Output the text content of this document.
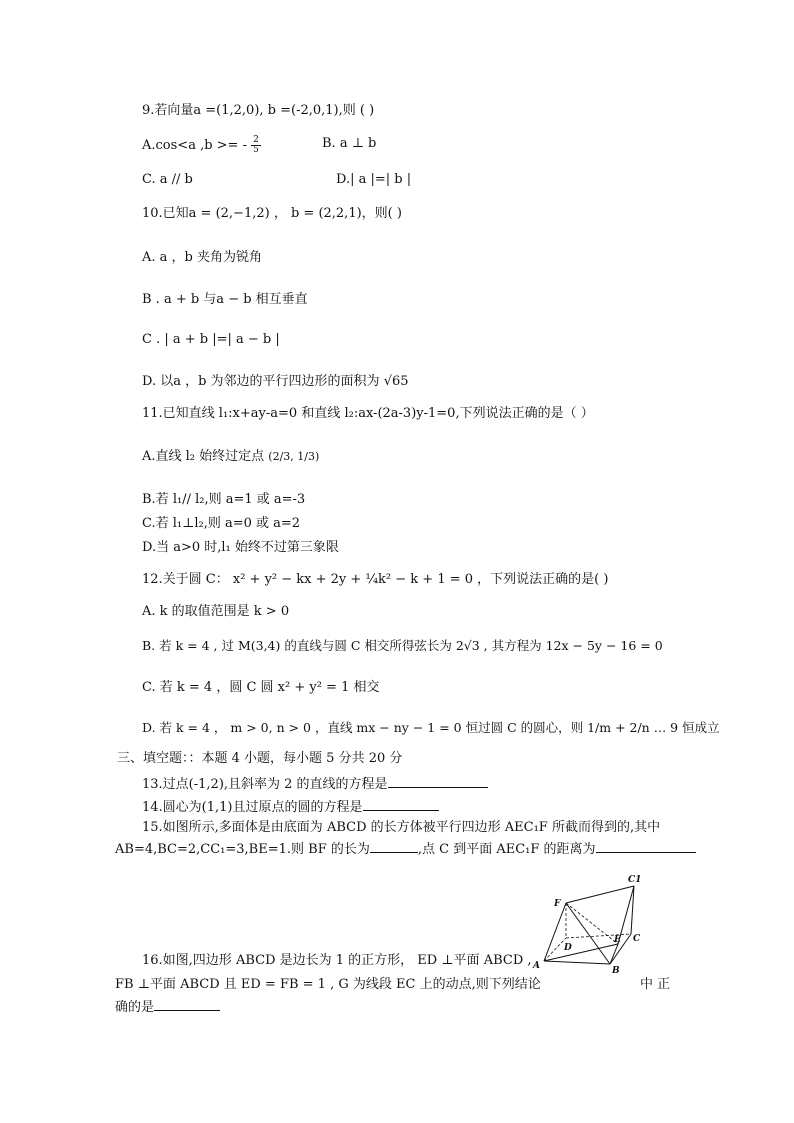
9.若向量a =(1,2,0), b =(-2,0,1),则 ( )
A.cos<a ,b >= - $\frac{2}{5}$	B. a ⊥ b
C. a // b	D.| a |=| b |
10.已知a = (2,−1,2) ， b = (2,2,1)，则( )
A. a ，b 夹角为锐角
B . a + b 与a − b 相互垂直
C . | a + b |=| a − b |
D. 以a ，b 为邻边的平行四边形的面积为 √65
11.已知直线 l₁:x+ay-a=0 和直线 l₂:ax-(2a-3)y-1=0,下列说法正确的是（ ）
A.直线 l₂ 始终过定点 (2/3, 1/3)
B.若 l₁// l₂,则 a=1 或 a=-3
C.若 l₁⊥l₂,则 a=0 或 a=2
D.当 a>0 时,l₁ 始终不过第三象限
12.关于圆 C： x² + y² − kx + 2y + ¼k² − k + 1 = 0 ，下列说法正确的是( )
A. k 的取值范围是 k > 0
B. 若 k = 4 , 过 M(3,4) 的直线与圆 C 相交所得弦长为 2√3 , 其方程为 12x − 5y − 16 = 0
C. 若 k = 4 ，圆 C 圆 x² + y² = 1 相交
D. 若 k = 4 ， m > 0, n > 0 ，直线 mx − ny − 1 = 0 恒过圆 C 的圆心，则 1/m + 2/n … 9 恒成立
三、填空题：：本题 4 小题，每小题 5 分共 20 分
13.过点(-1,2),且斜率为 2 的直线的方程是
14.圆心为(1,1)且过原点的圆的方程是
15.如图所示,多面体是由底面为 ABCD 的长方体被平行四边形 AEC₁F 所截而得到的,其中
AB=4,BC=2,CC₁=3,BE=1.则 BF 的长为	,点 C 到平面 AEC₁F 的距离为
F
C1
D
E C
A	B
16.如图,四边形 ABCD 是边长为 1 的正方形， ED ⊥平面 ABCD ,
FB ⊥平面 ABCD 且 ED = FB = 1 , G 为线段 EC 上的动点,则下列结论	中 正
确的是
